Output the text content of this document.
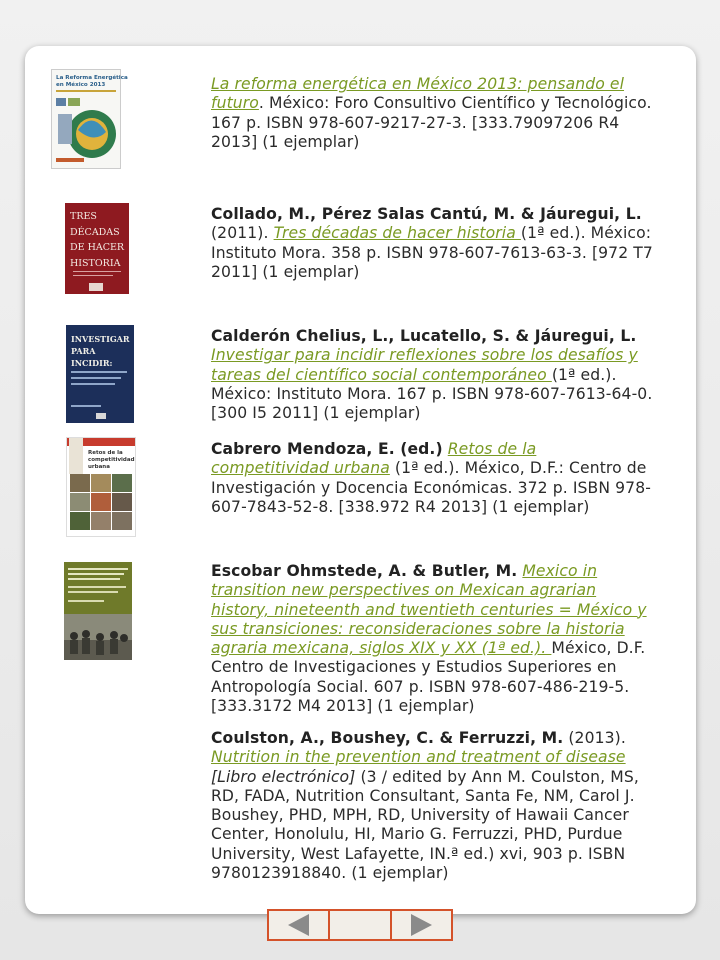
La Reforma Energética
en México 2013	La reforma energética en México 2013: pensando el futuro. México: Foro Consultivo Científico y Tecnológico. 167 p. ISBN 978-607-9217-27-3. [333.79097206 R4 2013] (1 ejemplar)
TRES
DÉCADAS
DE HACER
HISTORIA
Collado, M., Pérez Salas Cantú, M. & Jáuregui, L. (2011). Tres décadas de hacer historia (1ª ed.). México: Instituto Mora. 358 p. ISBN 978-607-7613-63-3. [972 T7 2011] (1 ejemplar)
INVESTIGAR
PARA
INCIDIR:
Calderón Chelius, L., Lucatello, S. & Jáuregui, L. Investigar para incidir reflexiones sobre los desafíos y tareas del científico social contemporáneo (1ª ed.). México: Instituto Mora. 167 p. ISBN 978-607-7613-64-0. [300 I5 2011] (1 ejemplar)
Retos de la
competitividad
urbana
Cabrero Mendoza, E. (ed.) Retos de la competitividad urbana (1ª ed.). México, D.F.: Centro de Investigación y Docencia Económicas. 372 p. ISBN 978-607-7843-52-8. [338.972 R4 2013] (1 ejemplar)
Escobar Ohmstede, A. & Butler, M. Mexico in transition new perspectives on Mexican agrarian history, nineteenth and twentieth centuries = México y sus transiciones: reconsideraciones sobre la historia agraria mexicana, siglos XIX y XX (1ª ed.). México, D.F. Centro de Investigaciones y Estudios Superiores en Antropología Social. 607 p. ISBN 978-607-486-219-5. [333.3172 M4 2013] (1 ejemplar)
Coulston, A., Boushey, C. & Ferruzzi, M. (2013). Nutrition in the prevention and treatment of disease [Libro electrónico] (3 / edited by Ann M. Coulston, MS, RD, FADA, Nutrition Consultant, Santa Fe, NM, Carol J. Boushey, PHD, MPH, RD, University of Hawaii Cancer Center, Honolulu, HI, Mario G. Ferruzzi, PHD, Purdue University, West Lafayette, IN.ª ed.) xvi, 903 p. ISBN 9780123918840. (1 ejemplar)
